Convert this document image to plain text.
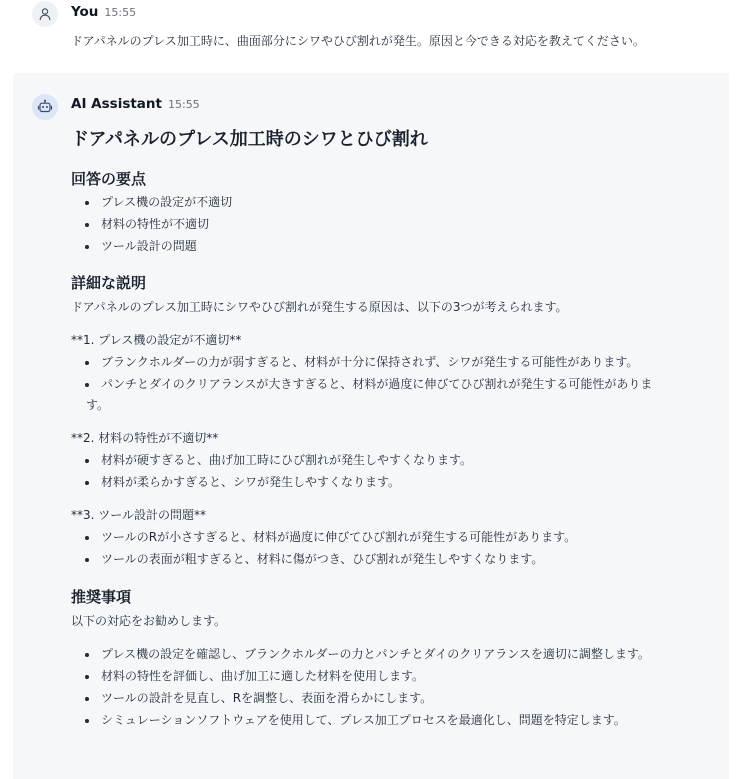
You 15:55
ドアパネルのプレス加工時に、曲面部分にシワやひび割れが発生。原因と今できる対応を教えてください。
AI Assistant 15:55
ドアパネルのプレス加工時のシワとひび割れ
回答の要点
プレス機の設定が不適切
材料の特性が不適切
ツール設計の問題
詳細な説明

ドアパネルのプレス加工時にシワやひび割れが発生する原因は、以下の3つが考えられます。

**1. プレス機の設定が不適切**

ブランクホルダーの力が弱すぎると、材料が十分に保持されず、シワが発生する可能性があります。
パンチとダイのクリアランスが大きすぎると、材料が過度に伸びてひび割れが発生する可能性がありま

す。

**2. 材料の特性が不適切**

材料が硬すぎると、曲げ加工時にひび割れが発生しやすくなります。
材料が柔らかすぎると、シワが発生しやすくなります。

**3. ツール設計の問題**

ツールのRが小さすぎると、材料が過度に伸びてひび割れが発生する可能性があります。
ツールの表面が粗すぎると、材料に傷がつき、ひび割れが発生しやすくなります。
推奨事項

以下の対応をお勧めします。

プレス機の設定を確認し、ブランクホルダーの力とパンチとダイのクリアランスを適切に調整します。
材料の特性を評価し、曲げ加工に適した材料を使用します。
ツールの設計を見直し、Rを調整し、表面を滑らかにします。
シミュレーションソフトウェアを使用して、プレス加工プロセスを最適化し、問題を特定します。
